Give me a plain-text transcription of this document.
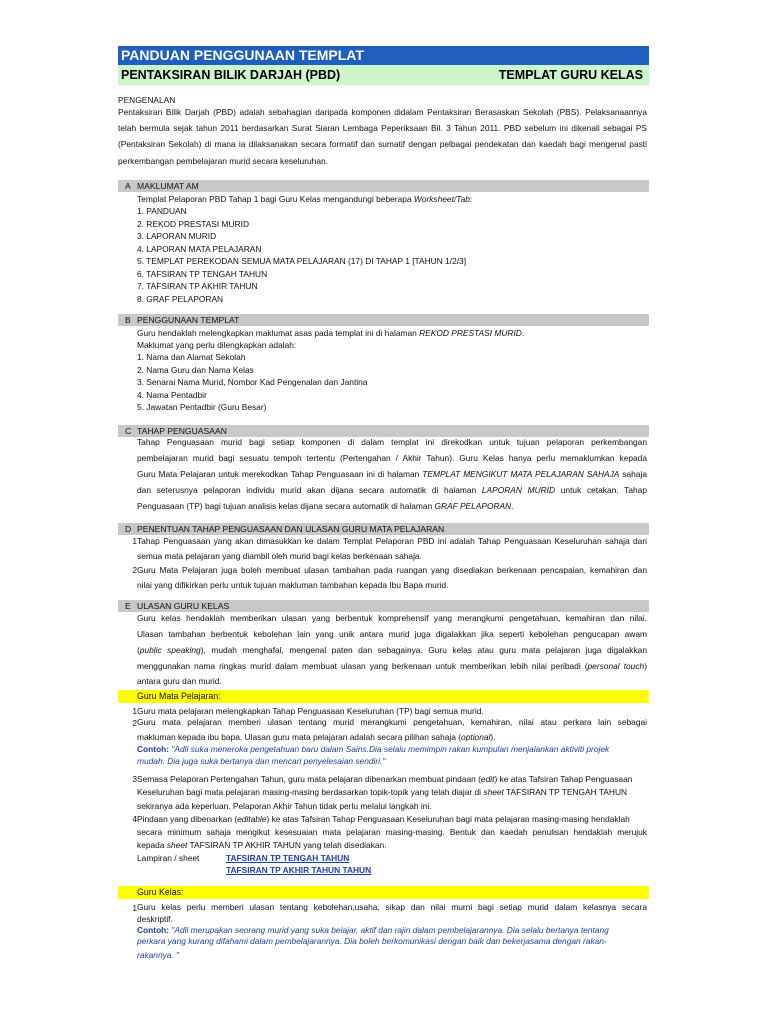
PANDUAN PENGGUNAAN TEMPLAT
PENTAKSIRAN BILIK DARJAH (PBD)	TEMPLAT GURU KELAS
PENGENALAN
Pentaksiran Bilik Darjah (PBD) adalah sebahagian daripada komponen didalam Pentaksiran Berasaskan Sekolah (PBS). Pelaksanaannya
telah bermula sejak tahun 2011 berdasarkan Surat Siaran Lembaga Peperiksaan Bil. 3 Tahun 2011. PBD sebelum ini dikenali sebagai PS
(Pentaksiran Sekolah) di mana ia dilaksanakan secara formatif dan sumatif dengan pelbagai pendekatan dan kaedah bagi mengenal pasti
perkembangan pembelajaran murid secara keseluruhan.
A MAKLUMAT AM
Templat Pelaporan PBD Tahap 1 bagi Guru Kelas mengandungi beberapa Worksheet/Tab:
1. PANDUAN
2. REKOD PRESTASI MURID
3. LAPORAN MURID
4. LAPORAN MATA PELAJARAN
5. TEMPLAT PEREKODAN SEMUA MATA PELAJARAN (17) DI TAHAP 1 [TAHUN 1/2/3]
6. TAFSIRAN TP TENGAH TAHUN
7. TAFSIRAN TP AKHIR TAHUN
8. GRAF PELAPORAN
B PENGGUNAAN TEMPLAT
Guru hendaklah melengkapkan maklumat asas pada templat ini di halaman REKOD PRESTASI MURID.
Maklumat yang perlu dilengkapkan adalah:
1. Nama dan Alamat Sekolah
2. Nama Guru dan Nama Kelas
3. Senarai Nama Murid, Nombor Kad Pengenalan dan Jantina
4. Nama Pentadbir
5. Jawatan Pentadbir (Guru Besar)
C TAHAP PENGUASAAN
Tahap Penguasaan murid bagi setiap komponen di dalam templat ini direkodkan untuk tujuan pelaporan perkembangan
pembelajaran murid bagi sesuatu tempoh tertentu (Pertengahan / Akhir Tahun). Guru Kelas hanya perlu memaklumkan kepada
Guru Mata Pelajaran untuk merekodkan Tahap Penguasaan ini di halaman TEMPLAT MENGIKUT MATA PELAJARAN SAHAJA sahaja
dan seterusnya pelaporan individu murid akan dijana secara automatik di halaman LAPORAN MURID untuk cetakan. Tahap
Penguasaan (TP) bagi tujuan analisis kelas dijana secara automatik di halaman GRAF PELAPORAN.
D PENENTUAN TAHAP PENGUASAAN DAN ULASAN GURU MATA PELAJARAN
1 Tahap Penguasaan yang akan dimasukkan ke dalam Templat Pelaporan PBD ini adalah Tahap Penguasaan Keseluruhan sahaja dari
semua mata pelajaran yang diambil oleh murid bagi kelas berkenaan sahaja.
2 Guru Mata Pelajaran juga boleh membuat ulasan tambahan pada ruangan yang disediakan berkenaan pencapaian, kemahiran dan
nilai yang difikirkan perlu untuk tujuan makluman tambahan kepada Ibu Bapa murid.
E ULASAN GURU KELAS
Guru kelas hendaklah memberikan ulasan yang berbentuk komprehensif yang merangkumi pengetahuan, kemahiran dan nilai.
Ulasan tambahan berbentuk kebolehan lain yang unik antara murid juga digalakkan jika seperti kebolehan pengucapan awam
(public speaking), mudah menghafal, mengenal paten dan sebagainya. Guru kelas atau guru mata pelajaran juga digalakkan
menggunakan nama ringkas murid dalam membuat ulasan yang berkenaan untuk memberikan lebih nilai peribadi (personal touch)
antara guru dan murid.
Guru Mata Pelajaran:
1 Guru mata pelajaran melengkapkan Tahap Penguasaan Keseluruhan (TP) bagi semua murid.
2 Guru mata pelajaran memberi ulasan tentang murid merangkumi pengetahuan, kemahiran, nilai atau perkara lain sebagai
makluman kepada ibu bapa. Ulasan guru mata pelajaran adalah secara pilihan sahaja (optional).
Contoh: "Adli suka meneroka pengetahuan baru dalam Sains.Dia selalu memimpin rakan kumpulan menjalankan aktiviti projek
mudah. Dia juga suka bertanya dan mencari penyelesaian sendiri."
3 Semasa Pelaporan Pertengahan Tahun, guru mata pelajaran dibenarkan membuat pindaan (edit) ke atas Tafsiran Tahap Penguasaan
Keseluruhan bagi mata pelajaran masing-masing berdasarkan topik-topik yang telah diajar di sheet TAFSIRAN TP TENGAH TAHUN
sekiranya ada keperluan. Pelaporan Akhir Tahun tidak perlu melalui langkah ini.
4 Pindaan yang dibenarkan (editable) ke atas Tafsiran Tahap Penguasaan Keseluruhan bagi mata pelajaran masing-masing hendaklah
secara minimum sahaja mengikut kesesuaian mata pelajaran masing-masing. Bentuk dan kaedah penulisan hendaklah merujuk
kepada sheet TAFSIRAN TP AKHIR TAHUN yang telah disediakan.
Lampiran / sheet	TAFSIRAN TP TENGAH TAHUN
TAFSIRAN TP AKHIR TAHUN TAHUN
Guru Kelas:
1 Guru kelas perlu memberi ulasan tentang kebolehan,usaha, sikap dan nilai murni bagi setiap murid dalam kelasnya secara
deskriptif.
Contoh: "Adli merupakan seorang murid yang suka belajar, aktif dan rajin dalam pembelajarannya. Dia selalu bertanya tentang
perkara yang kurang difahami dalam pembelajarannya. Dia boleh berkomunikasi dengan baik dan bekerjasama dengan rakan-
rakannya. "
